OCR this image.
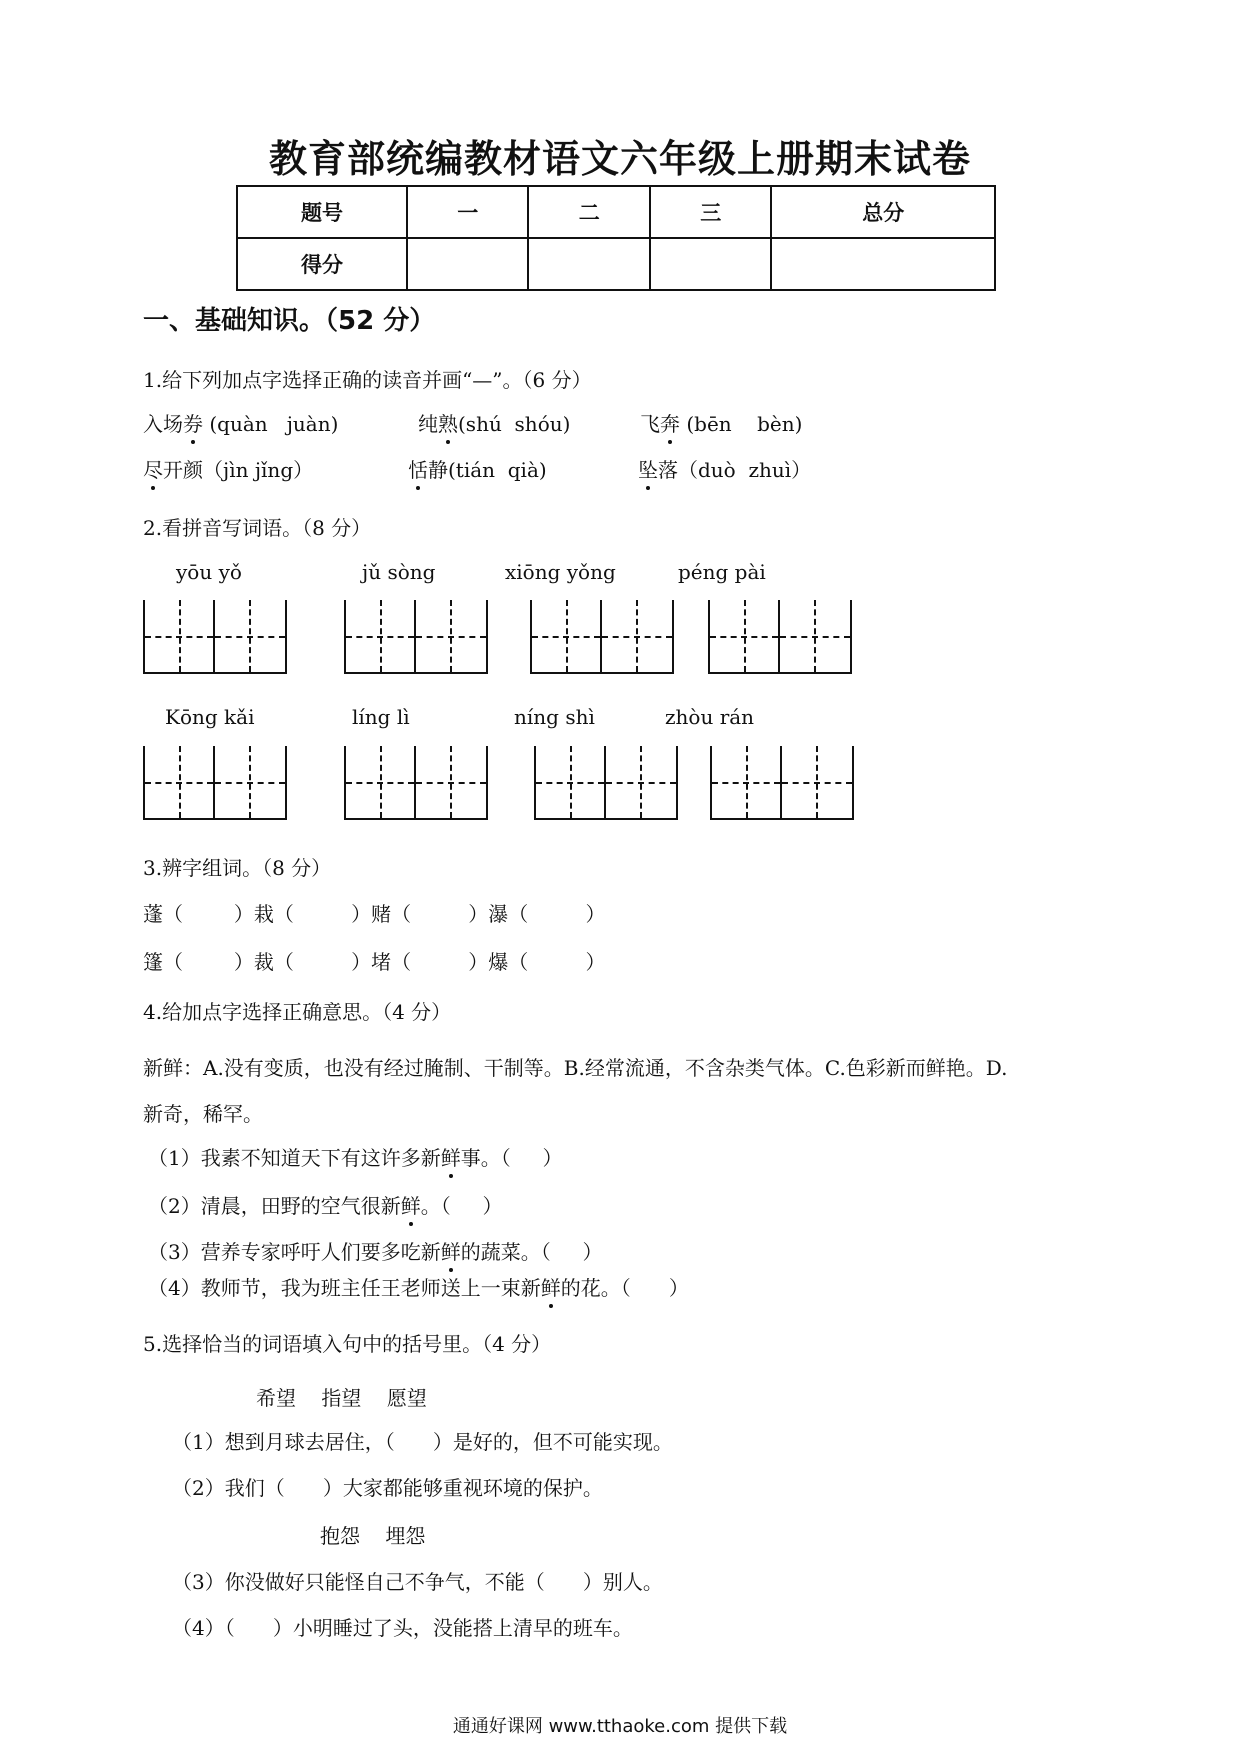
教育部统编教材语文六年级上册期末试卷
题号	一	二	三	总分
得分				
一、基础知识。（52 分）
1.给下列加点字选择正确的读音并画“—”。（6 分）
入场券 (quàn   juàn)	纯熟(shú  shóu)	飞奔 (bēn    bèn)
尽开颜（jìn jǐng）	恬静(tián  qià)	坠落（duò  zhuì）
2.看拼音写词语。（8 分）
yōu yǒ	jǔ sòng	xiōng yǒng	péng pài
Kōng kǎi	líng lì	níng shì	zhòu rán
3.辨字组词。（8 分）
蓬（        ）栽（         ）赌（         ）瀑（         ）
篷（        ）裁（         ）堵（         ）爆（         ）
4.给加点字选择正确意思。（4 分）
新鲜：A.没有变质，也没有经过腌制、干制等。B.经常流通，不含杂类气体。C.色彩新而鲜艳。D.
新奇，稀罕。
（1）我素不知道天下有这许多新鲜事。（     ）
（2）清晨，田野的空气很新鲜。（     ）
（3）营养专家呼吁人们要多吃新鲜的蔬菜。（     ）
（4）教师节，我为班主任王老师送上一束新鲜的花。（      ）
5.选择恰当的词语填入句中的括号里。（4 分）
希望    指望    愿望
（1）想到月球去居住，（      ）是好的，但不可能实现。
（2）我们（      ）大家都能够重视环境的保护。
抱怨    埋怨
（3）你没做好只能怪自己不争气，不能（      ）别人。
（4）（      ）小明睡过了头，没能搭上清早的班车。
通通好课网 www.tthaoke.com 提供下载
